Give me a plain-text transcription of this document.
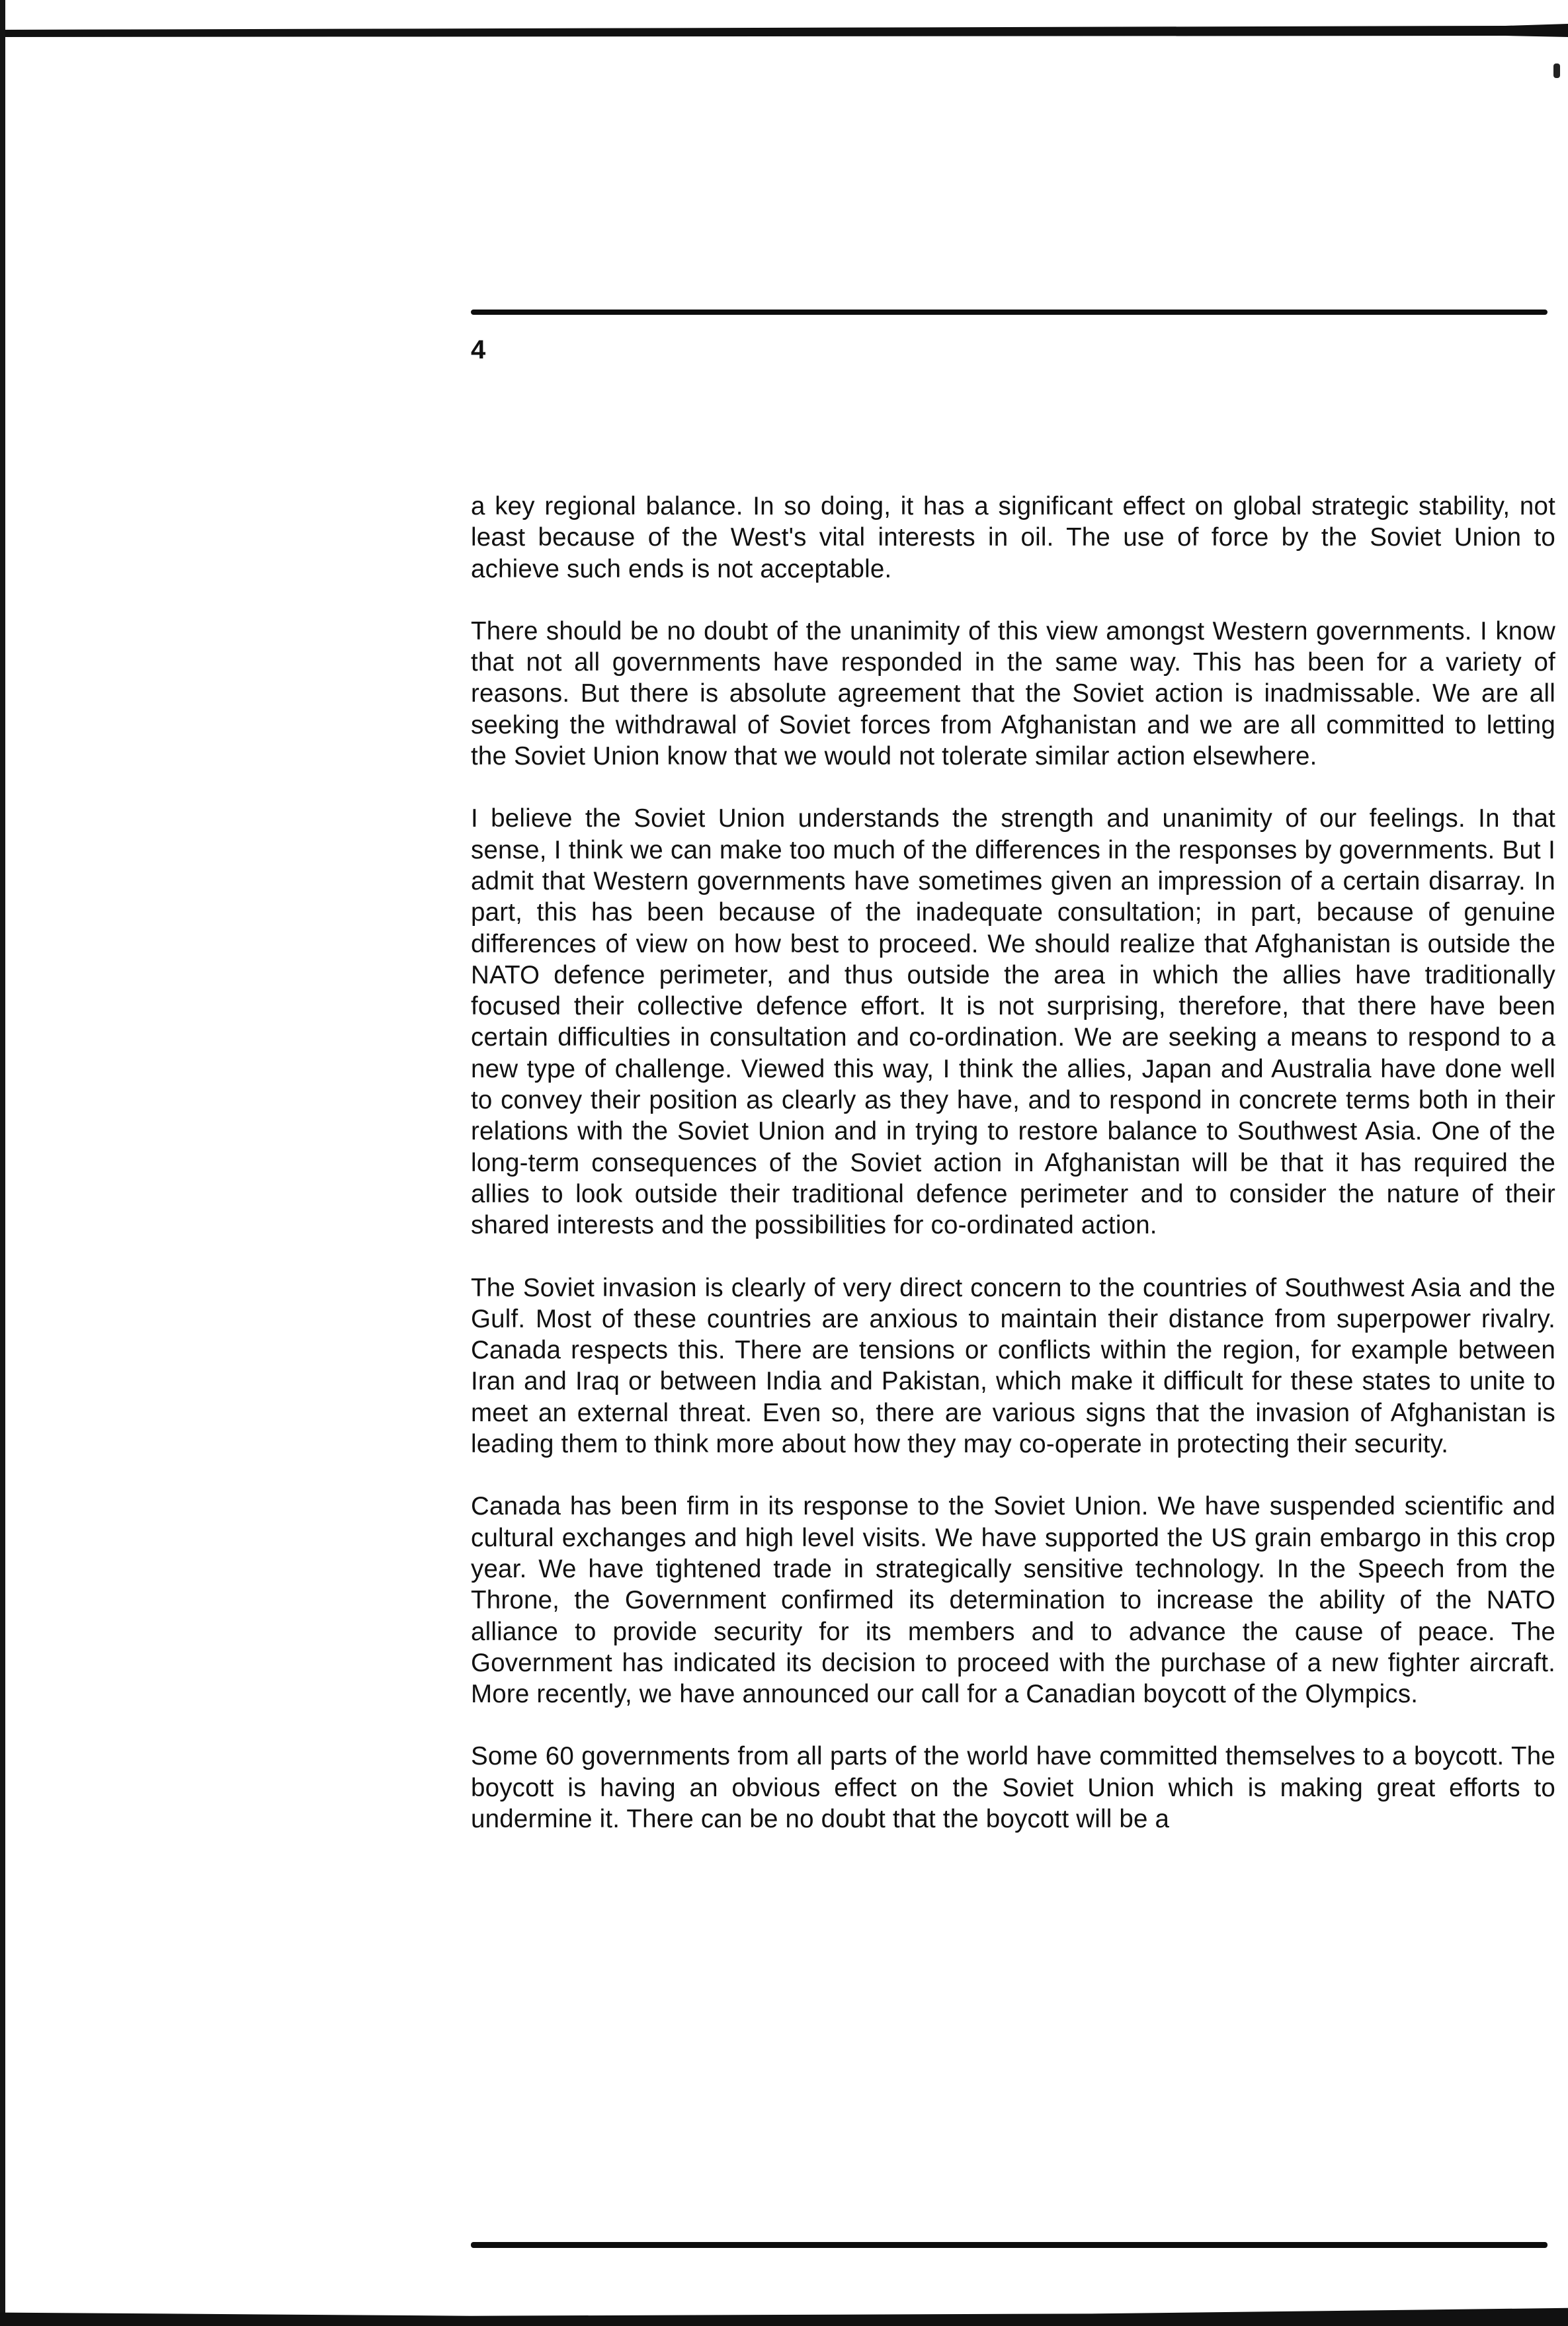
4

a key regional balance. In so doing, it has a significant effect on global strategic stability, not least because of the West's vital interests in oil. The use of force by the Soviet Union to achieve such ends is not acceptable.

There should be no doubt of the unanimity of this view amongst Western governments. I know that not all governments have responded in the same way. This has been for a variety of reasons. But there is absolute agreement that the Soviet action is inadmissable. We are all seeking the withdrawal of Soviet forces from Afghanistan and we are all committed to letting the Soviet Union know that we would not tolerate similar action elsewhere.

I believe the Soviet Union understands the strength and unanimity of our feelings. In that sense, I think we can make too much of the differences in the responses by governments. But I admit that Western governments have sometimes given an impression of a certain disarray. In part, this has been because of the inadequate consultation; in part, because of genuine differences of view on how best to proceed. We should realize that Afghanistan is outside the NATO defence perimeter, and thus outside the area in which the allies have traditionally focused their collective defence effort. It is not surprising, therefore, that there have been certain difficulties in consultation and co-ordination. We are seeking a means to respond to a new type of challenge. Viewed this way, I think the allies, Japan and Australia have done well to convey their position as clearly as they have, and to respond in concrete terms both in their relations with the Soviet Union and in trying to restore balance to Southwest Asia. One of the long-term consequences of the Soviet action in Afghanistan will be that it has required the allies to look outside their traditional defence perimeter and to consider the nature of their shared interests and the possibilities for co-ordinated action.

The Soviet invasion is clearly of very direct concern to the countries of Southwest Asia and the Gulf. Most of these countries are anxious to maintain their distance from superpower rivalry. Canada respects this. There are tensions or conflicts within the region, for example between Iran and Iraq or between India and Pakistan, which make it difficult for these states to unite to meet an external threat. Even so, there are various signs that the invasion of Afghanistan is leading them to think more about how they may co-operate in protecting their security.

Canada has been firm in its response to the Soviet Union. We have suspended scientific and cultural exchanges and high level visits. We have supported the US grain embargo in this crop year. We have tightened trade in strategically sensitive technology. In the Speech from the Throne, the Government confirmed its determination to increase the ability of the NATO alliance to provide security for its members and to advance the cause of peace. The Government has indicated its decision to proceed with the purchase of a new fighter aircraft. More recently, we have announced our call for a Canadian boycott of the Olympics.

Some 60 governments from all parts of the world have committed themselves to a boycott. The boycott is having an obvious effect on the Soviet Union which is making great efforts to undermine it. There can be no doubt that the boycott will be a
